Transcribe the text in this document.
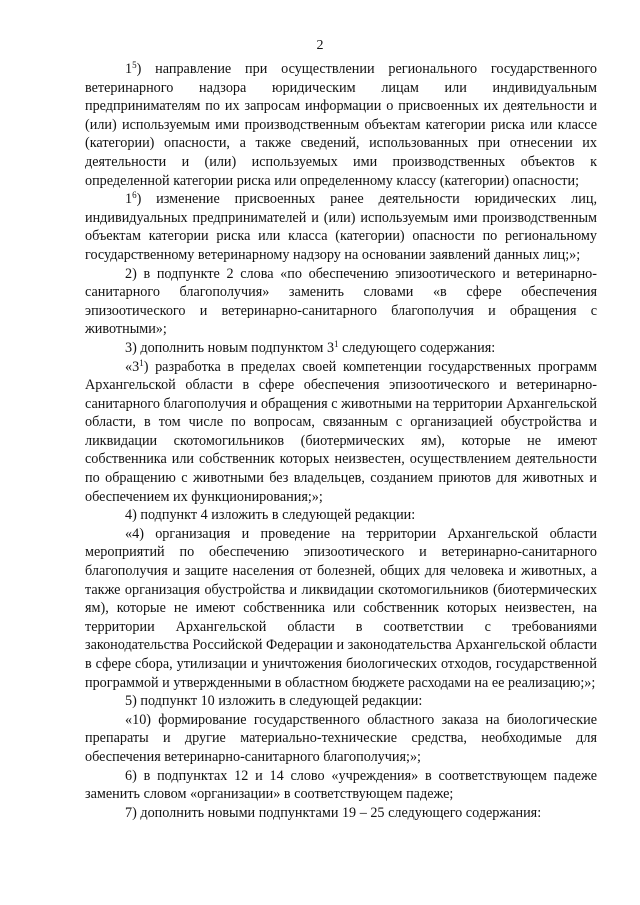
2

$1^5$) направление при осуществлении регионального государственного ветеринарного надзора юридическим лицам или индивидуальным предпринимателям по их запросам информации о присвоенных их деятельности и (или) используемым ими производственным объектам категории риска или классе (категории) опасности, а также сведений, использованных при отнесении их деятельности и (или) используемых ими производственных объектов к определенной категории риска или определенному классу (категории) опасности;

$1^6$) изменение присвоенных ранее деятельности юридических лиц, индивидуальных предпринимателей и (или) используемым ими производственным объектам категории риска или класса (категории) опасности по региональному государственному ветеринарному надзору на основании заявлений данных лиц;»;

2) в подпункте 2 слова «по обеспечению эпизоотического и ветеринарно-санитарного благополучия» заменить словами «в сфере обеспечения эпизоотического и ветеринарно-санитарного благополучия и обращения с животными»;

3) дополнить новым подпунктом $3^1$ следующего содержания:

«$3^1$) разработка в пределах своей компетенции государственных программ Архангельской области в сфере обеспечения эпизоотического и ветеринарно-санитарного благополучия и обращения с животными на территории Архангельской области, в том числе по вопросам, связанным с организацией обустройства и ликвидации скотомогильников (биотермических ям), которые не имеют собственника или собственник которых неизвестен, осуществлением деятельности по обращению с животными без владельцев, созданием приютов для животных и обеспечением их функционирования;»;

4) подпункт 4 изложить в следующей редакции:

«4) организация и проведение на территории Архангельской области мероприятий по обеспечению эпизоотического и ветеринарно-санитарного благополучия и защите населения от болезней, общих для человека и животных, а также организация обустройства и ликвидации скотомогильников (биотермических ям), которые не имеют собственника или собственник которых неизвестен, на территории Архангельской области в соответствии с требованиями законодательства Российской Федерации и законодательства Архангельской области в сфере сбора, утилизации и уничтожения биологических отходов, государственной программой и утвержденными в областном бюджете расходами на ее реализацию;»;

5) подпункт 10 изложить в следующей редакции:

«10) формирование государственного областного заказа на биологические препараты и другие материально-технические средства, необходимые для обеспечения ветеринарно-санитарного благополучия;»;

6) в подпунктах 12 и 14 слово «учреждения» в соответствующем падеже заменить словом «организации» в соответствующем падеже;

7) дополнить новыми подпунктами 19 – 25 следующего содержания:
